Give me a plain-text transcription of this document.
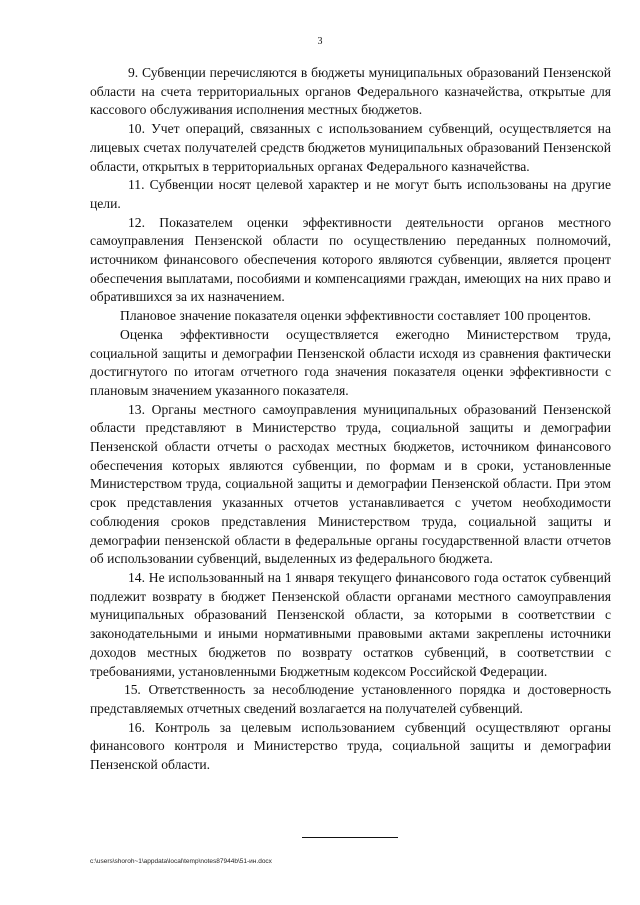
3

9. Субвенции перечисляются в бюджеты муниципальных образований Пензенской области на счета территориальных органов Федерального казначейства, открытые для кассового обслуживания исполнения местных бюджетов.

10. Учет операций, связанных с использованием субвенций, осуществляется на лицевых счетах получателей средств бюджетов муниципальных образований Пензенской области, открытых в территориальных органах Федерального казначейства.

11. Субвенции носят целевой характер и не могут быть использованы на другие цели.

12. Показателем оценки эффективности деятельности органов местного самоуправления Пензенской области по осуществлению переданных полномочий, источником финансового обеспечения которого являются субвенции, является процент обеспечения выплатами, пособиями и компенсациями граждан, имеющих на них право и обратившихся за их назначением.

Плановое значение показателя оценки эффективности составляет 100 процентов.

Оценка эффективности осуществляется ежегодно Министерством труда, социальной защиты и демографии Пензенской области исходя из сравнения фактически достигнутого по итогам отчетного года значения показателя оценки эффективности с плановым значением указанного показателя.

13. Органы местного самоуправления муниципальных образований Пензенской области представляют в Министерство труда, социальной защиты и демографии Пензенской области отчеты о расходах местных бюджетов, источником финансового обеспечения которых являются субвенции, по формам и в сроки, установленные Министерством труда, социальной защиты и демографии Пензенской области. При этом срок представления указанных отчетов устанавливается с учетом необходимости соблюдения сроков представления Министерством труда, социальной защиты и демографии пензенской области в федеральные органы государственной власти отчетов об использовании субвенций, выделенных из федерального бюджета.

14. Не использованный на 1 января текущего финансового года остаток субвенций подлежит возврату в бюджет Пензенской области органами местного самоуправления муниципальных образований Пензенской области, за которыми в соответствии с законодательными и иными нормативными правовыми актами закреплены источники доходов местных бюджетов по возврату остатков субвенций, в соответствии с требованиями, установленными Бюджетным кодексом Российской Федерации.

15. Ответственность за несоблюдение установленного порядка и достоверность представляемых отчетных сведений возлагается на получателей субвенций.

16. Контроль за целевым использованием субвенций осуществляют органы финансового контроля и Министерство труда, социальной защиты и демографии Пензенской области.

c:\users\shoroh~1\appdata\local\temp\notes87944b\51-ин.docx
